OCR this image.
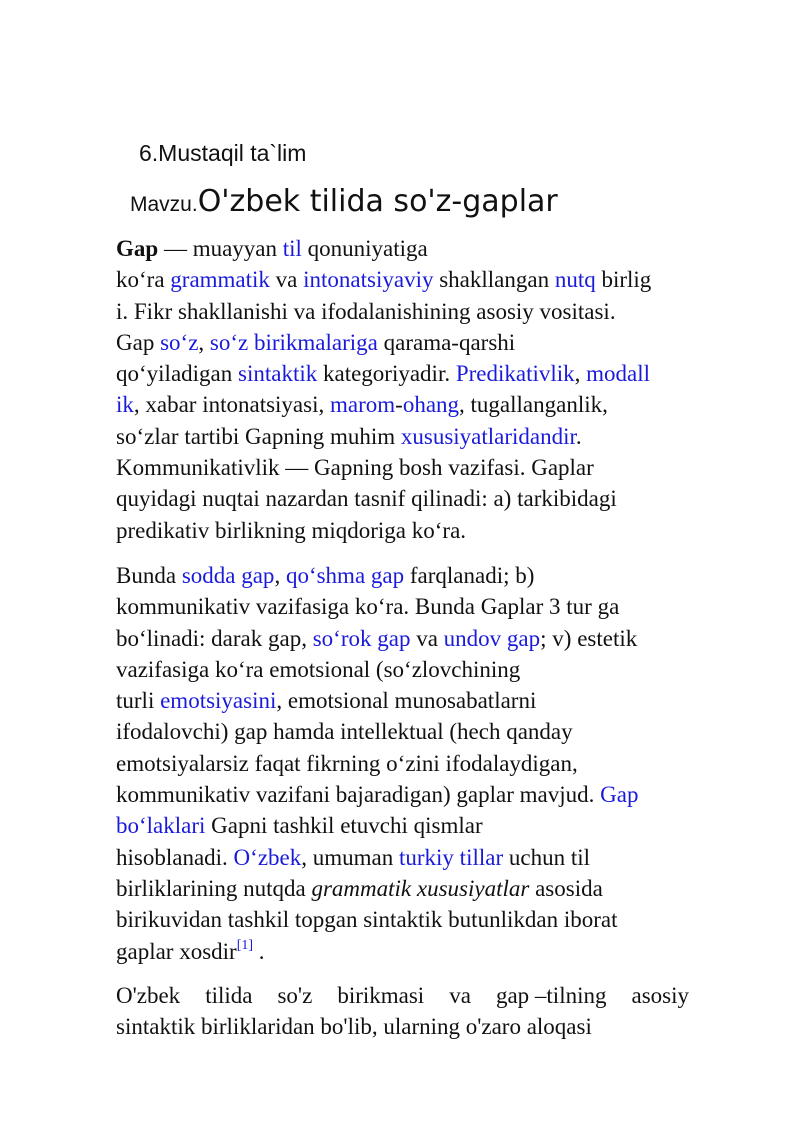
6.Mustaqil ta`lim

Mavzu.O'zbek tilida so'z-gaplar

Gap — muayyan til qonuniyatiga
ko‘ra grammatik va intonatsiyaviy shakllangan nutq birlig
i. Fikr shakllanishi va ifodalanishining asosiy vositasi.
Gap so‘z, so‘z birikmalariga qarama-qarshi
qo‘yiladigan sintaktik kategoriyadir. Predikativlik, modall
ik, xabar intonatsiyasi, marom-ohang, tugallanganlik,
so‘zlar tartibi Gapning muhim xususiyatlaridandir.
Kommunikativlik — Gapning bosh vazifasi. Gaplar
quyidagi nuqtai nazardan tasnif qilinadi: a) tarkibidagi
predikativ birlikning miqdoriga ko‘ra.
Bunda sodda gap, qo‘shma gap farqlanadi; b)
kommunikativ vazifasiga ko‘ra. Bunda Gaplar 3 tur ga
bo‘linadi: darak gap, so‘rok gap va undov gap; v) estetik
vazifasiga ko‘ra emotsional (so‘zlovchining
turli emotsiyasini, emotsional munosabatlarni
ifodalovchi) gap hamda intellektual (hech qanday
emotsiyalarsiz faqat fikrning o‘zini ifodalaydigan,
kommunikativ vazifani bajaradigan) gaplar mavjud. Gap
bo‘laklari Gapni tashkil etuvchi qismlar
hisoblanadi. O‘zbek, umuman turkiy tillar uchun til
birliklarining nutqda grammatik xususiyatlar asosida
birikuvidan tashkil topgan sintaktik butunlikdan iborat
gaplar xosdir[1] .
O'zbek tilida so'z birikmasi va gap –tilning asosiy
sintaktik birliklaridan bo'lib, ularning o'zaro aloqasi
